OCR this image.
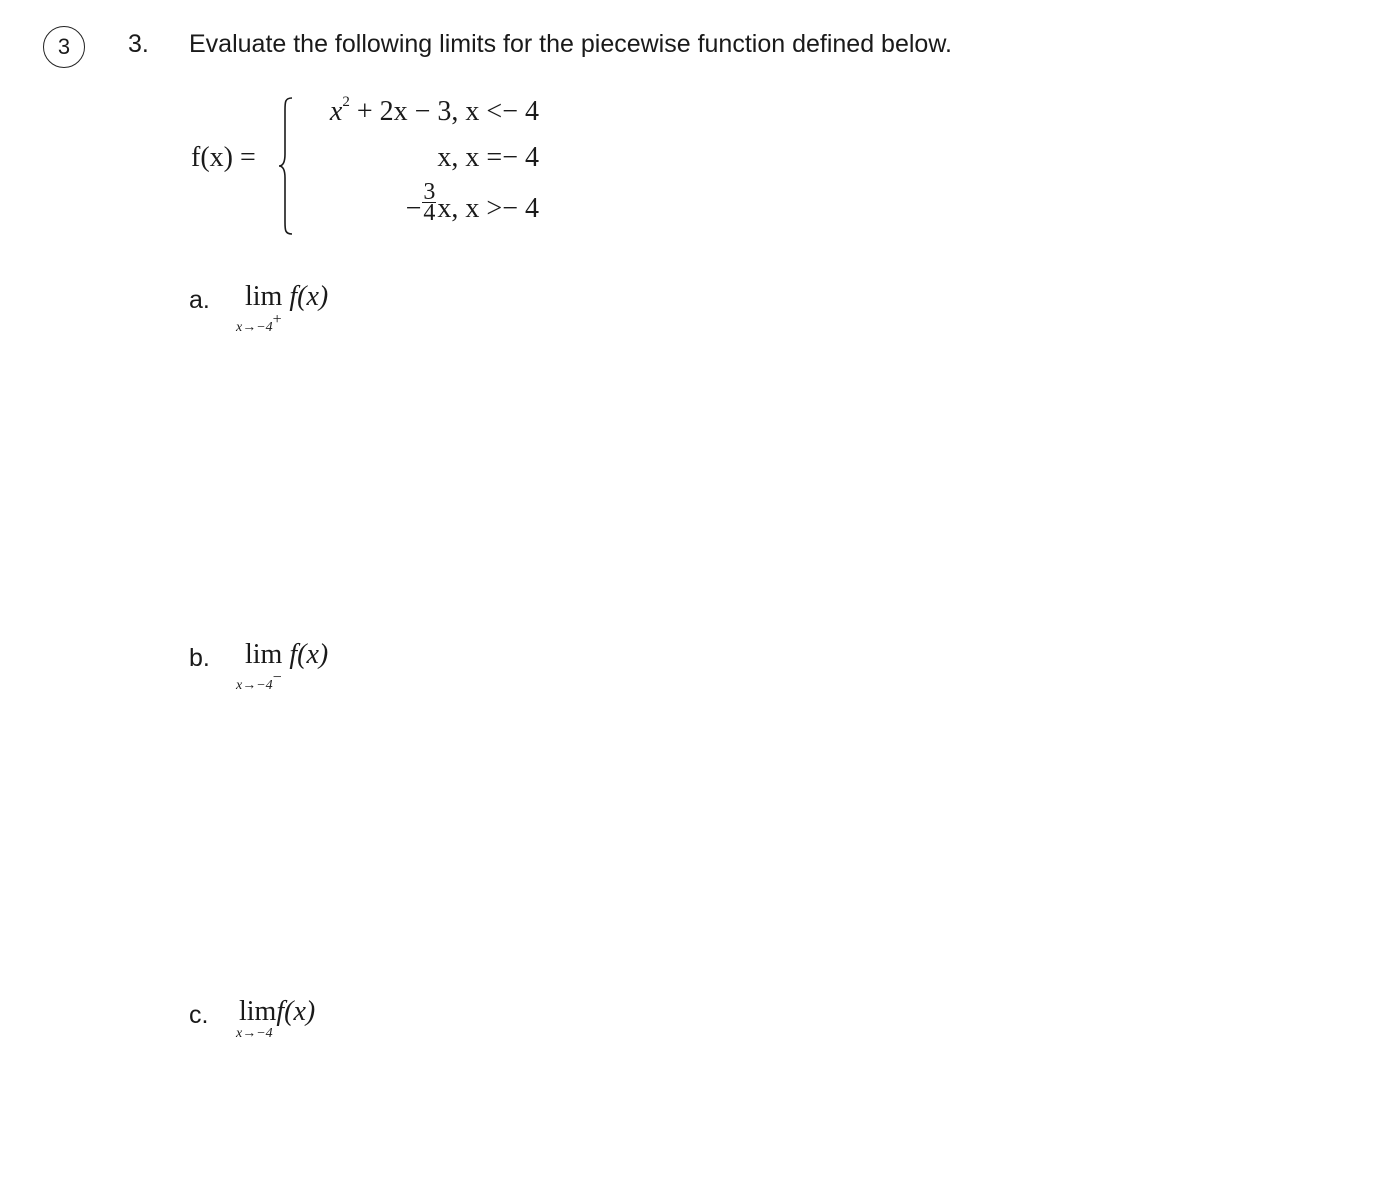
3	3. Evaluate the following limits for the piecewise function defined below.
f(x) =
$x^2 + 2x - 3$, x <− 4
x, x =− 4
− $\frac{3}{4} x$, x >− 4
a. lim f(x)
x→−4+
b. lim f(x)
x→−4−
c. limf(x)
x→−4
